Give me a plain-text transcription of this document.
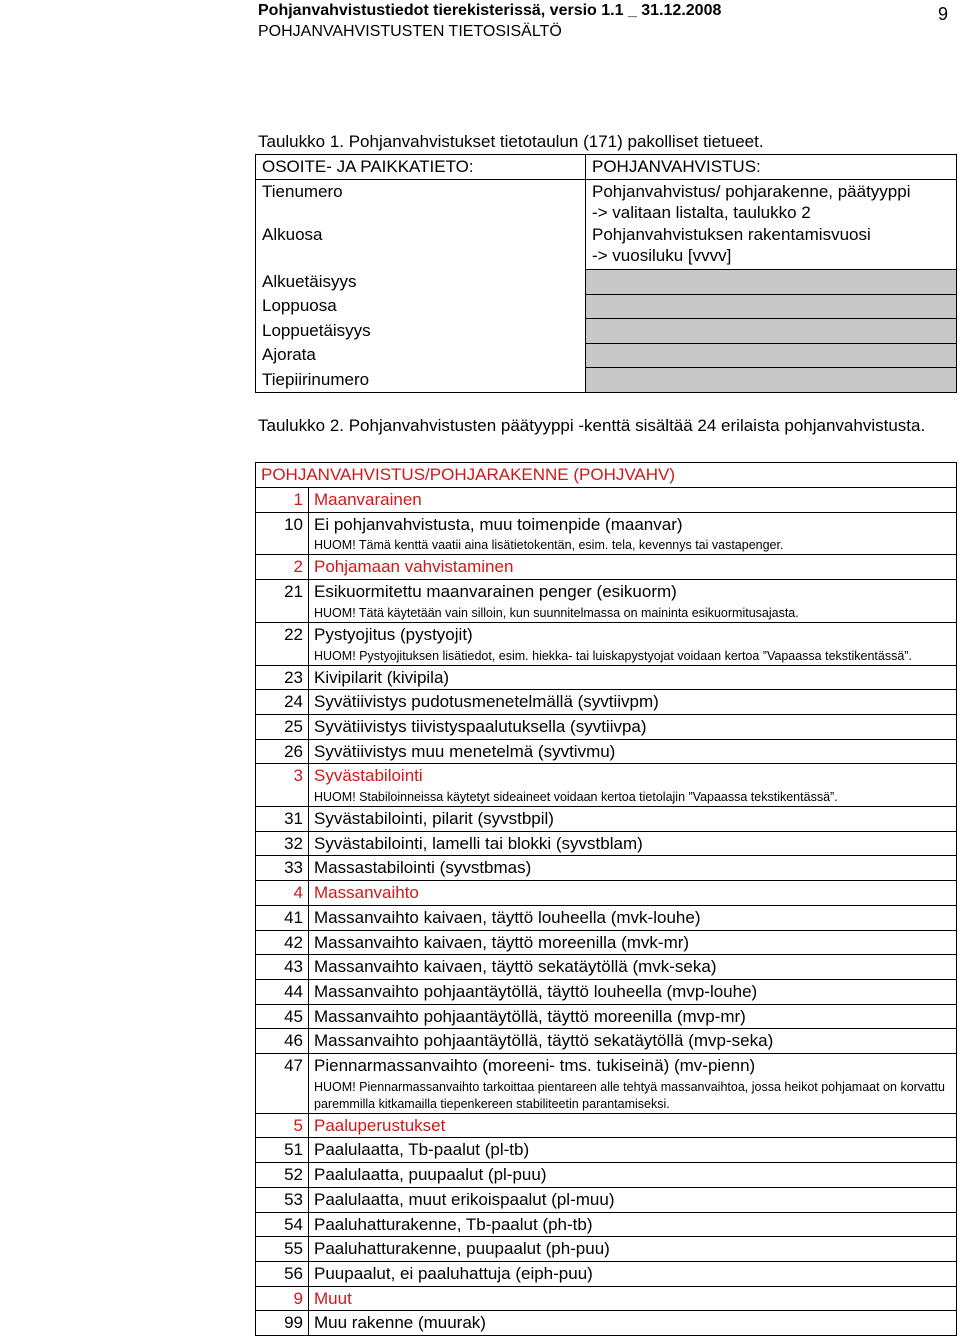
Pohjanvahvistustiedot tierekisterissä, versio 1.1 _ 31.12.2008
POHJANVAHVISTUSTEN TIETOSISÄLTÖ
9
Taulukko 1. Pohjanvahvistukset tietotaulun (171) pakolliset tietueet.
OSOITE- JA PAIKKATIETO:	POHJANVAHVISTUS:
Tienumero	Pohjanvahvistus/ pohjarakenne, päätyyppi
-> valitaan listalta, taulukko 2

Alkuosa	Pohjanvahvistuksen rakentamisvuosi
-> vuosiluku [vvvv]

Alkuetäisyys	
Loppuosa	
Loppuetäisyys	
Ajorata	
Tiepiirinumero	
Taulukko 2. Pohjanvahvistusten päätyyppi -kenttä sisältää 24 erilaista pohjanvahvistusta.
POHJANVAHVISTUS/POHJARAKENNE (POHJVAHV)	
1	Maanvarainen
10	Ei pohjanvahvistusta, muu toimenpide (maanvar)
HUOM! Tämä kenttä vaatii aina lisätietokentän, esim. tela, kevennys tai vastapenger.

2	Pohjamaan vahvistaminen
21	Esikuormitettu maanvarainen penger (esikuorm)
HUOM! Tätä käytetään vain silloin, kun suunnitelmassa on maininta esikuormitusajasta.

22	Pystyojitus (pystyojit)
HUOM! Pystyojituksen lisätiedot, esim. hiekka- tai luiskapystyojat voidaan kertoa ”Vapaassa tekstikentässä”.

23	Kivipilarit (kivipila)
24	Syvätiivistys pudotusmenetelmällä (syvtiivpm)
25	Syvätiivistys tiivistyspaalutuksella (syvtiivpa)
26	Syvätiivistys muu menetelmä (syvtivmu)
3	Syvästabilointi
HUOM! Stabiloinneissa käytetyt sideaineet voidaan kertoa tietolajin ”Vapaassa tekstikentässä”.

31	Syvästabilointi, pilarit (syvstbpil)
32	Syvästabilointi, lamelli tai blokki (syvstblam)
33	Massastabilointi (syvstbmas)
4	Massanvaihto
41	Massanvaihto kaivaen, täyttö louheella (mvk-louhe)
42	Massanvaihto kaivaen, täyttö moreenilla (mvk-mr)
43	Massanvaihto kaivaen, täyttö sekatäytöllä (mvk-seka)
44	Massanvaihto pohjaantäytöllä, täyttö louheella (mvp-louhe)
45	Massanvaihto pohjaantäytöllä, täyttö moreenilla (mvp-mr)
46	Massanvaihto pohjaantäytöllä, täyttö sekatäytöllä (mvp-seka)
47	Piennarmassanvaihto (moreeni- tms. tukiseinä) (mv-pienn)
HUOM! Piennarmassanvaihto tarkoittaa pientareen alle tehtyä massanvaihtoa, jossa heikot pohjamaat on korvattu paremmilla kitkamailla tiepenkereen stabiliteetin parantamiseksi.

5	Paaluperustukset
51	Paalulaatta, Tb-paalut (pl-tb)
52	Paalulaatta, puupaalut (pl-puu)
53	Paalulaatta, muut erikoispaalut (pl-muu)
54	Paaluhatturakenne, Tb-paalut (ph-tb)
55	Paaluhatturakenne, puupaalut (ph-puu)
56	Puupaalut, ei paaluhattuja (eiph-puu)
9	Muut
99	Muu rakenne (muurak)
